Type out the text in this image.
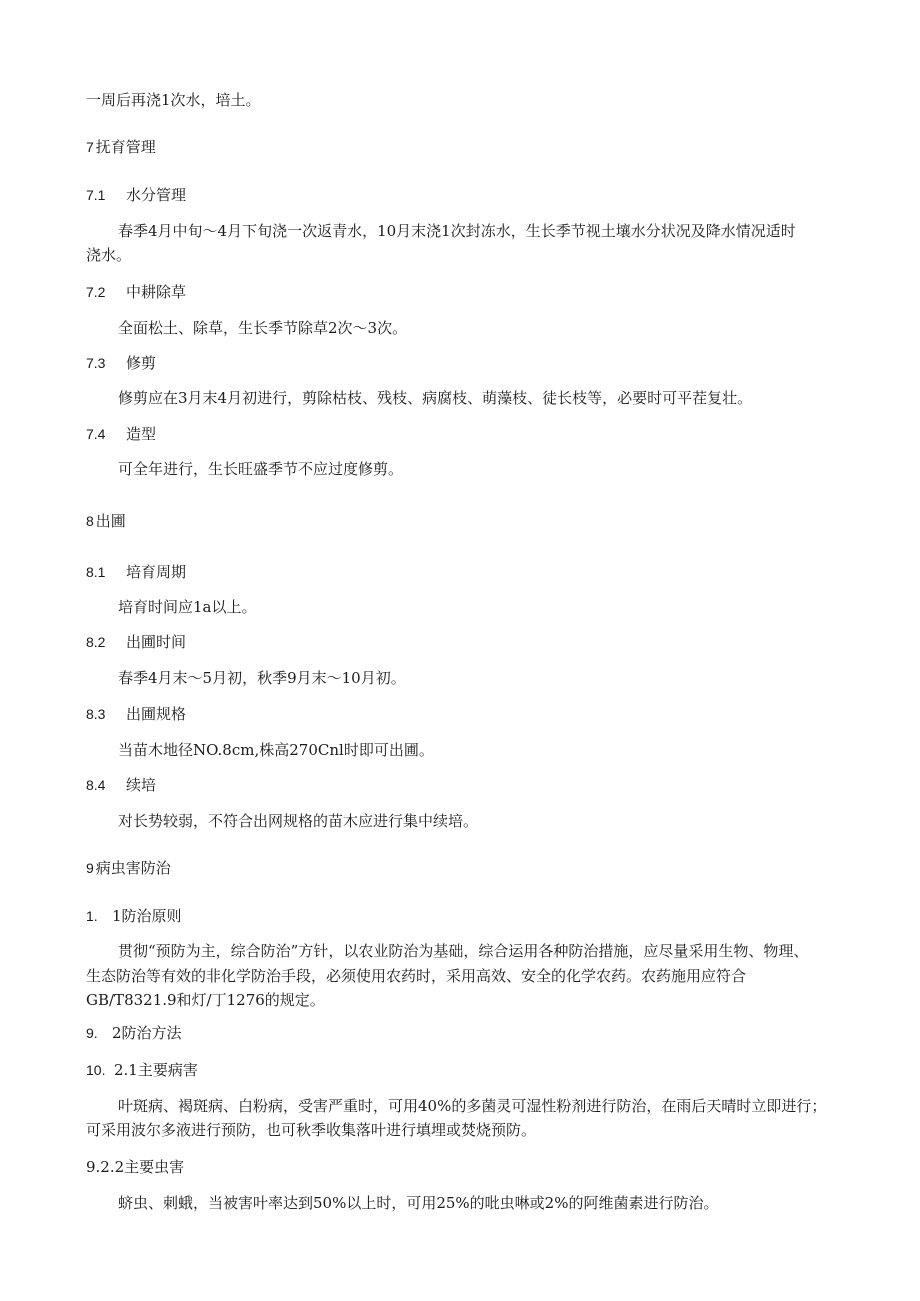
一周后再浇1次水，培土。

7 抚育管理

7.1 水分管理

春季4月中旬～4月下旬浇一次返青水，10月末浇1次封冻水，生长季节视土壤水分状况及降水情况适时

浇水。

7.2 中耕除草

全面松土、除草，生长季节除草2次～3次。

7.3 修剪

修剪应在3月末4月初进行，剪除枯枝、残枝、病腐枝、萌藻枝、徒长枝等，必要时可平茬复壮。

7.4 造型

可全年进行，生长旺盛季节不应过度修剪。

8 出圃

8.1 培育周期

培育时间应1a以上。

8.2 出圃时间

春季4月末～5月初，秋季9月末～10月初。

8.3 出圃规格

当苗木地径NO.8cm,株高270Cnl时即可出圃。

8.4 续培

对长势较弱，不符合出网规格的苗木应进行集中续培。

9 病虫害防治

1. 1防治原则

贯彻“预防为主，综合防治”方针，以农业防治为基础，综合运用各种防治措施，应尽量采用生物、物理、

生态防治等有效的非化学防治手段，必须使用农药时，采用高效、安全的化学农药。农药施用应符合

GB/T8321.9和灯/丁1276的规定。

9. 2防治方法

10. 2.1主要病害

叶斑病、褐斑病、白粉病，受害严重时，可用40%的多菌灵可湿性粉剂进行防治，在雨后天晴时立即进行；

可采用波尔多液进行预防，也可秋季收集落叶进行填埋或焚烧预防。

9.2.2主要虫害

蛴虫、刺蛾，当被害叶率达到50%以上时，可用25%的吡虫啉或2%的阿维菌素进行防治。
